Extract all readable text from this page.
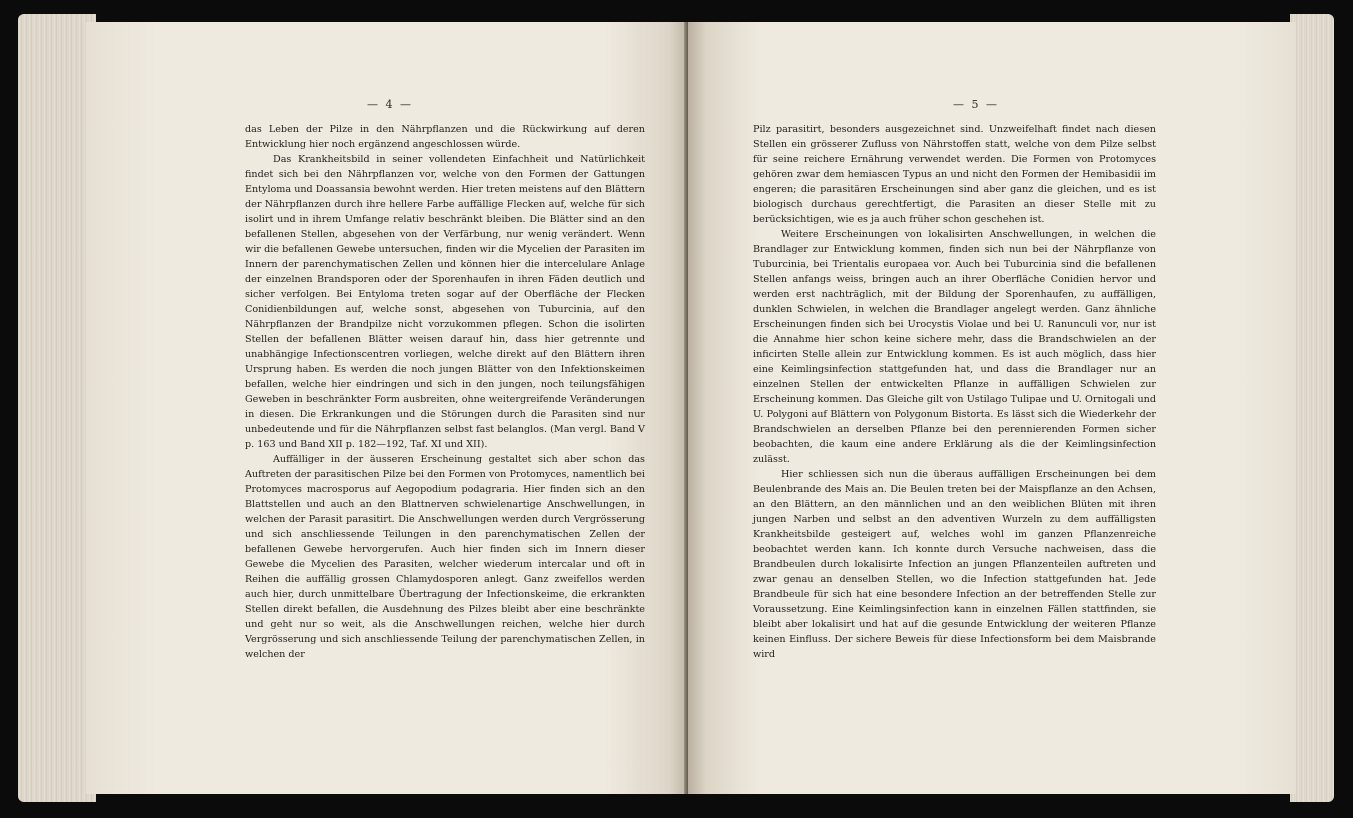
— 4 —

das Leben der Pilze in den Nährpflanzen und die Rückwirkung auf deren Entwicklung hier noch ergänzend angeschlossen würde.

Das Krankheitsbild in seiner vollendeten Einfachheit und Natürlichkeit findet sich bei den Nährpflanzen vor, welche von den Formen der Gattungen Entyloma und Doassansia bewohnt werden. Hier treten meistens auf den Blättern der Nährpflanzen durch ihre hellere Farbe auffällige Flecken auf, welche für sich isolirt und in ihrem Umfange relativ beschränkt bleiben. Die Blätter sind an den befallenen Stellen, abgesehen von der Verfärbung, nur wenig verändert. Wenn wir die befallenen Gewebe untersuchen, finden wir die Mycelien der Parasiten im Innern der parenchymatischen Zellen und können hier die intercelulare Anlage der einzelnen Brandsporen oder der Sporenhaufen in ihren Fäden deutlich und sicher verfolgen. Bei Entyloma treten sogar auf der Oberfläche der Flecken Conidienbildungen auf, welche sonst, abgesehen von Tuburcinia, auf den Nährpflanzen der Brandpilze nicht vorzukommen pflegen. Schon die isolirten Stellen der befallenen Blätter weisen darauf hin, dass hier getrennte und unabhängige Infectionscentren vorliegen, welche direkt auf den Blättern ihren Ursprung haben. Es werden die noch jungen Blätter von den Infektionskeimen befallen, welche hier eindringen und sich in den jungen, noch teilungsfähigen Geweben in beschränkter Form ausbreiten, ohne weitergreifende Veränderungen in diesen. Die Erkrankungen und die Störungen durch die Parasiten sind nur unbedeutende und für die Nährpflanzen selbst fast belanglos. (Man vergl. Band V p. 163 und Band XII p. 182—192, Taf. XI und XII).

Auffälliger in der äusseren Erscheinung gestaltet sich aber schon das Auftreten der parasitischen Pilze bei den Formen von Protomyces, namentlich bei Protomyces macrosporus auf Aegopodium podagraria. Hier finden sich an den Blattstellen und auch an den Blattnerven schwielenartige Anschwellungen, in welchen der Parasit parasitirt. Die Anschwellungen werden durch Vergrösserung und sich anschliessende Teilungen in den parenchymatischen Zellen der befallenen Gewebe hervorgerufen. Auch hier finden sich im Innern dieser Gewebe die Mycelien des Parasiten, welcher wiederum intercalar und oft in Reihen die auffällig grossen Chlamydosporen anlegt. Ganz zweifellos werden auch hier, durch unmittelbare Übertragung der Infectionskeime, die erkrankten Stellen direkt befallen, die Ausdehnung des Pilzes bleibt aber eine beschränkte und geht nur so weit, als die Anschwellungen reichen, welche hier durch Vergrösserung und sich anschliessende Teilung der parenchymatischen Zellen, in welchen der

— 5 —

Pilz parasitirt, besonders ausgezeichnet sind. Unzweifelhaft findet nach diesen Stellen ein grösserer Zufluss von Nährstoffen statt, welche von dem Pilze selbst für seine reichere Ernährung verwendet werden. Die Formen von Protomyces gehören zwar dem hemiascen Typus an und nicht den Formen der Hemibasidii im engeren; die parasitären Erscheinungen sind aber ganz die gleichen, und es ist biologisch durchaus gerechtfertigt, die Parasiten an dieser Stelle mit zu berücksichtigen, wie es ja auch früher schon geschehen ist.

Weitere Erscheinungen von lokalisirten Anschwellungen, in welchen die Brandlager zur Entwicklung kommen, finden sich nun bei der Nährpflanze von Tuburcinia, bei Trientalis europaea vor. Auch bei Tuburcinia sind die befallenen Stellen anfangs weiss, bringen auch an ihrer Oberfläche Conidien hervor und werden erst nachträglich, mit der Bildung der Sporenhaufen, zu auffälligen, dunklen Schwielen, in welchen die Brandlager angelegt werden. Ganz ähnliche Erscheinungen finden sich bei Urocystis Violae und bei U. Ranunculi vor, nur ist die Annahme hier schon keine sichere mehr, dass die Brandschwielen an der inficirten Stelle allein zur Entwicklung kommen. Es ist auch möglich, dass hier eine Keimlingsinfection stattgefunden hat, und dass die Brandlager nur an einzelnen Stellen der entwickelten Pflanze in auffälligen Schwielen zur Erscheinung kommen. Das Gleiche gilt von Ustilago Tulipae und U. Ornitogali und U. Polygoni auf Blättern von Polygonum Bistorta. Es lässt sich die Wiederkehr der Brandschwielen an derselben Pflanze bei den perennierenden Formen sicher beobachten, die kaum eine andere Erklärung als die der Keimlingsinfection zulässt.

Hier schliessen sich nun die überaus auffälligen Erscheinungen bei dem Beulenbrande des Mais an. Die Beulen treten bei der Maispflanze an den Achsen, an den Blättern, an den männlichen und an den weiblichen Blüten mit ihren jungen Narben und selbst an den adventiven Wurzeln zu dem auffälligsten Krankheitsbilde gesteigert auf, welches wohl im ganzen Pflanzenreiche beobachtet werden kann. Ich konnte durch Versuche nachweisen, dass die Brandbeulen durch lokalisirte Infection an jungen Pflanzenteilen auftreten und zwar genau an denselben Stellen, wo die Infection stattgefunden hat. Jede Brandbeule für sich hat eine besondere Infection an der betreffenden Stelle zur Voraussetzung. Eine Keimlingsinfection kann in einzelnen Fällen stattfinden, sie bleibt aber lokalisirt und hat auf die gesunde Entwicklung der weiteren Pflanze keinen Einfluss. Der sichere Beweis für diese Infectionsform bei dem Maisbrande wird
